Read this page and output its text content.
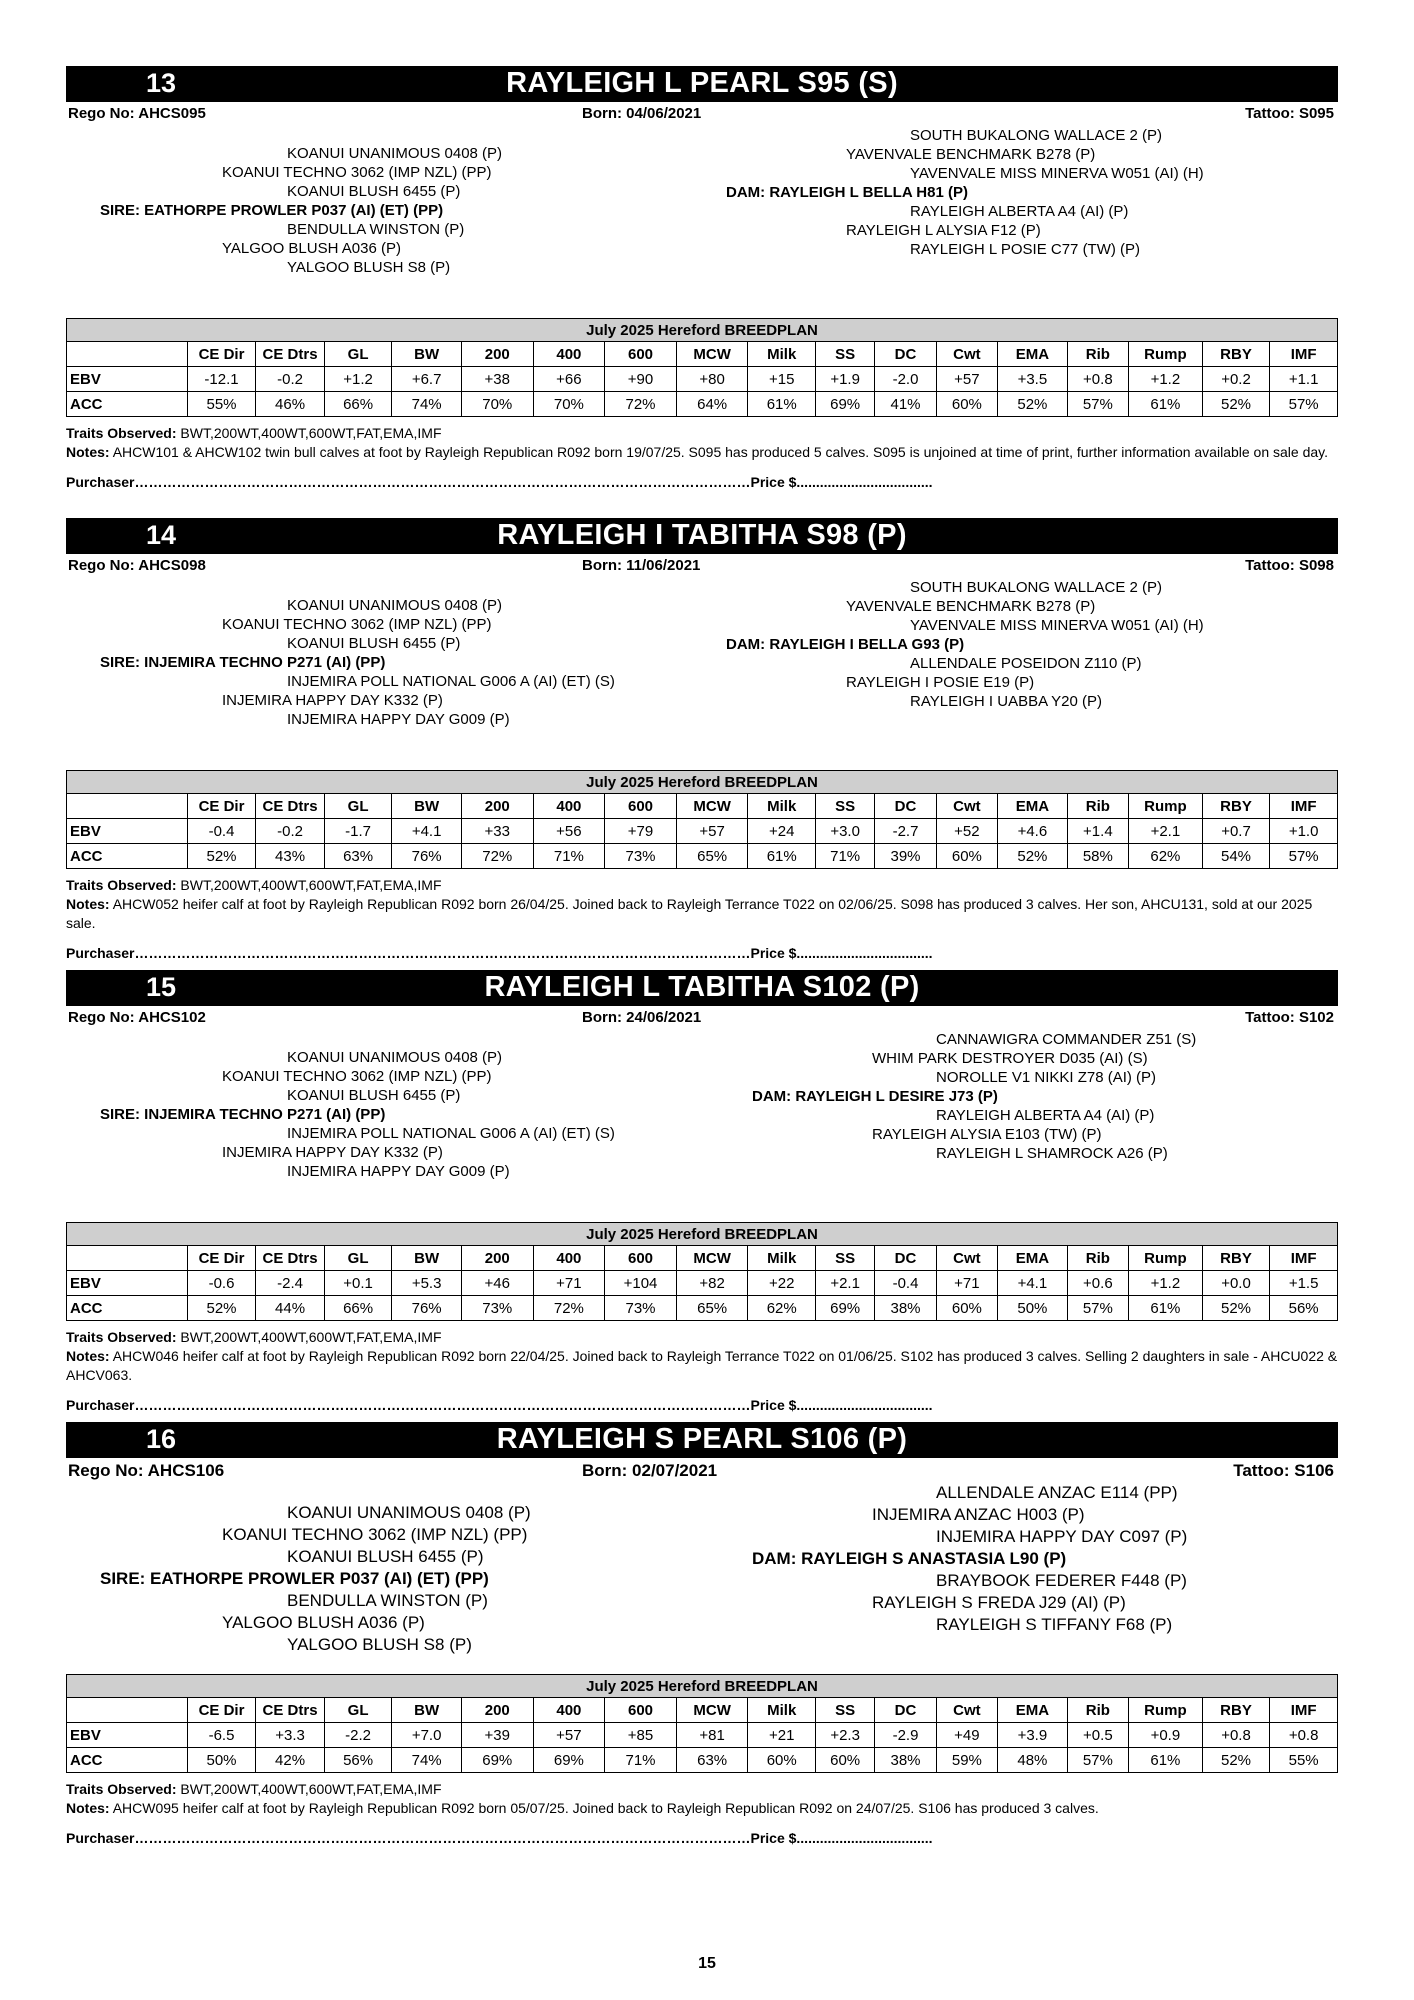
13	RAYLEIGH L PEARL S95 (S)
Rego No: AHCS095	Born: 04/06/2021	Tattoo: S095
KOANUI UNANIMOUS 0408 (P)
KOANUI TECHNO 3062 (IMP NZL) (PP)
KOANUI BLUSH 6455 (P)
SIRE: EATHORPE PROWLER P037 (AI) (ET) (PP)
BENDULLA WINSTON (P)
YALGOO BLUSH A036 (P)
YALGOO BLUSH S8 (P)
SOUTH BUKALONG WALLACE 2 (P)
YAVENVALE BENCHMARK B278 (P)
YAVENVALE MISS MINERVA W051 (AI) (H)
DAM: RAYLEIGH L BELLA H81 (P)
RAYLEIGH ALBERTA A4 (AI) (P)
RAYLEIGH L ALYSIA F12 (P)
RAYLEIGH L POSIE C77 (TW) (P)
July 2025 Hereford BREEDPLAN																	
	CE Dir	CE Dtrs	GL	BW	200	400	600	MCW	Milk	SS	DC	Cwt	EMA	Rib	Rump	RBY	IMF
EBV	-12.1	-0.2	+1.2	+6.7	+38	+66	+90	+80	+15	+1.9	-2.0	+57	+3.5	+0.8	+1.2	+0.2	+1.1
ACC	55%	46%	66%	74%	70%	70%	72%	64%	61%	69%	41%	60%	52%	57%	61%	52%	57%
Traits Observed: BWT,200WT,400WT,600WT,FAT,EMA,IMF
Notes: AHCW101 & AHCW102 twin bull calves at foot by Rayleigh Republican R092 born 19/07/25. S095 has produced 5 calves. S095 is unjoined at time of print, further information available on sale day.
Purchaser……………………………………………………………………………………………………………………Price $...................................
14	RAYLEIGH I TABITHA S98 (P)
Rego No: AHCS098	Born: 11/06/2021	Tattoo: S098
KOANUI UNANIMOUS 0408 (P)
KOANUI TECHNO 3062 (IMP NZL) (PP)
KOANUI BLUSH 6455 (P)
SIRE: INJEMIRA TECHNO P271 (AI) (PP)
INJEMIRA POLL NATIONAL G006 A (AI) (ET) (S)
INJEMIRA HAPPY DAY K332 (P)
INJEMIRA HAPPY DAY G009 (P)
SOUTH BUKALONG WALLACE 2 (P)
YAVENVALE BENCHMARK B278 (P)
YAVENVALE MISS MINERVA W051 (AI) (H)
DAM: RAYLEIGH I BELLA G93 (P)
ALLENDALE POSEIDON Z110 (P)
RAYLEIGH I POSIE E19 (P)
RAYLEIGH I UABBA Y20 (P)
July 2025 Hereford BREEDPLAN																	
	CE Dir	CE Dtrs	GL	BW	200	400	600	MCW	Milk	SS	DC	Cwt	EMA	Rib	Rump	RBY	IMF
EBV	-0.4	-0.2	-1.7	+4.1	+33	+56	+79	+57	+24	+3.0	-2.7	+52	+4.6	+1.4	+2.1	+0.7	+1.0
ACC	52%	43%	63%	76%	72%	71%	73%	65%	61%	71%	39%	60%	52%	58%	62%	54%	57%
Traits Observed: BWT,200WT,400WT,600WT,FAT,EMA,IMF
Notes: AHCW052 heifer calf at foot by Rayleigh Republican R092 born 26/04/25. Joined back to Rayleigh Terrance T022 on 02/06/25. S098 has produced 3 calves. Her son, AHCU131, sold at our 2025 sale.
Purchaser……………………………………………………………………………………………………………………Price $...................................
15	RAYLEIGH L TABITHA S102 (P)
Rego No: AHCS102	Born: 24/06/2021	Tattoo: S102
KOANUI UNANIMOUS 0408 (P)
KOANUI TECHNO 3062 (IMP NZL) (PP)
KOANUI BLUSH 6455 (P)
SIRE: INJEMIRA TECHNO P271 (AI) (PP)
INJEMIRA POLL NATIONAL G006 A (AI) (ET) (S)
INJEMIRA HAPPY DAY K332 (P)
INJEMIRA HAPPY DAY G009 (P)
CANNAWIGRA COMMANDER Z51 (S)
WHIM PARK DESTROYER D035 (AI) (S)
NOROLLE V1 NIKKI Z78 (AI) (P)
DAM: RAYLEIGH L DESIRE J73 (P)
RAYLEIGH ALBERTA A4 (AI) (P)
RAYLEIGH ALYSIA E103 (TW) (P)
RAYLEIGH L SHAMROCK A26 (P)
July 2025 Hereford BREEDPLAN																	
	CE Dir	CE Dtrs	GL	BW	200	400	600	MCW	Milk	SS	DC	Cwt	EMA	Rib	Rump	RBY	IMF
EBV	-0.6	-2.4	+0.1	+5.3	+46	+71	+104	+82	+22	+2.1	-0.4	+71	+4.1	+0.6	+1.2	+0.0	+1.5
ACC	52%	44%	66%	76%	73%	72%	73%	65%	62%	69%	38%	60%	50%	57%	61%	52%	56%
Traits Observed: BWT,200WT,400WT,600WT,FAT,EMA,IMF
Notes: AHCW046 heifer calf at foot by Rayleigh Republican R092 born 22/04/25. Joined back to Rayleigh Terrance T022 on 01/06/25. S102 has produced 3 calves. Selling 2 daughters in sale - AHCU022 & AHCV063.
Purchaser……………………………………………………………………………………………………………………Price $...................................
16	RAYLEIGH S PEARL S106 (P)
Rego No: AHCS106	Born: 02/07/2021	Tattoo: S106
KOANUI UNANIMOUS 0408 (P)
KOANUI TECHNO 3062 (IMP NZL) (PP)
KOANUI BLUSH 6455 (P)
SIRE: EATHORPE PROWLER P037 (AI) (ET) (PP)
BENDULLA WINSTON (P)
YALGOO BLUSH A036 (P)
YALGOO BLUSH S8 (P)
ALLENDALE ANZAC E114 (PP)
INJEMIRA ANZAC H003 (P)
INJEMIRA HAPPY DAY C097 (P)
DAM: RAYLEIGH S ANASTASIA L90 (P)
BRAYBOOK FEDERER F448 (P)
RAYLEIGH S FREDA J29 (AI) (P)
RAYLEIGH S TIFFANY F68 (P)
July 2025 Hereford BREEDPLAN																	
	CE Dir	CE Dtrs	GL	BW	200	400	600	MCW	Milk	SS	DC	Cwt	EMA	Rib	Rump	RBY	IMF
EBV	-6.5	+3.3	-2.2	+7.0	+39	+57	+85	+81	+21	+2.3	-2.9	+49	+3.9	+0.5	+0.9	+0.8	+0.8
ACC	50%	42%	56%	74%	69%	69%	71%	63%	60%	60%	38%	59%	48%	57%	61%	52%	55%
Traits Observed: BWT,200WT,400WT,600WT,FAT,EMA,IMF
Notes: AHCW095 heifer calf at foot by Rayleigh Republican R092 born 05/07/25. Joined back to Rayleigh Republican R092 on 24/07/25. S106 has produced 3 calves.
Purchaser……………………………………………………………………………………………………………………Price $...................................
15
